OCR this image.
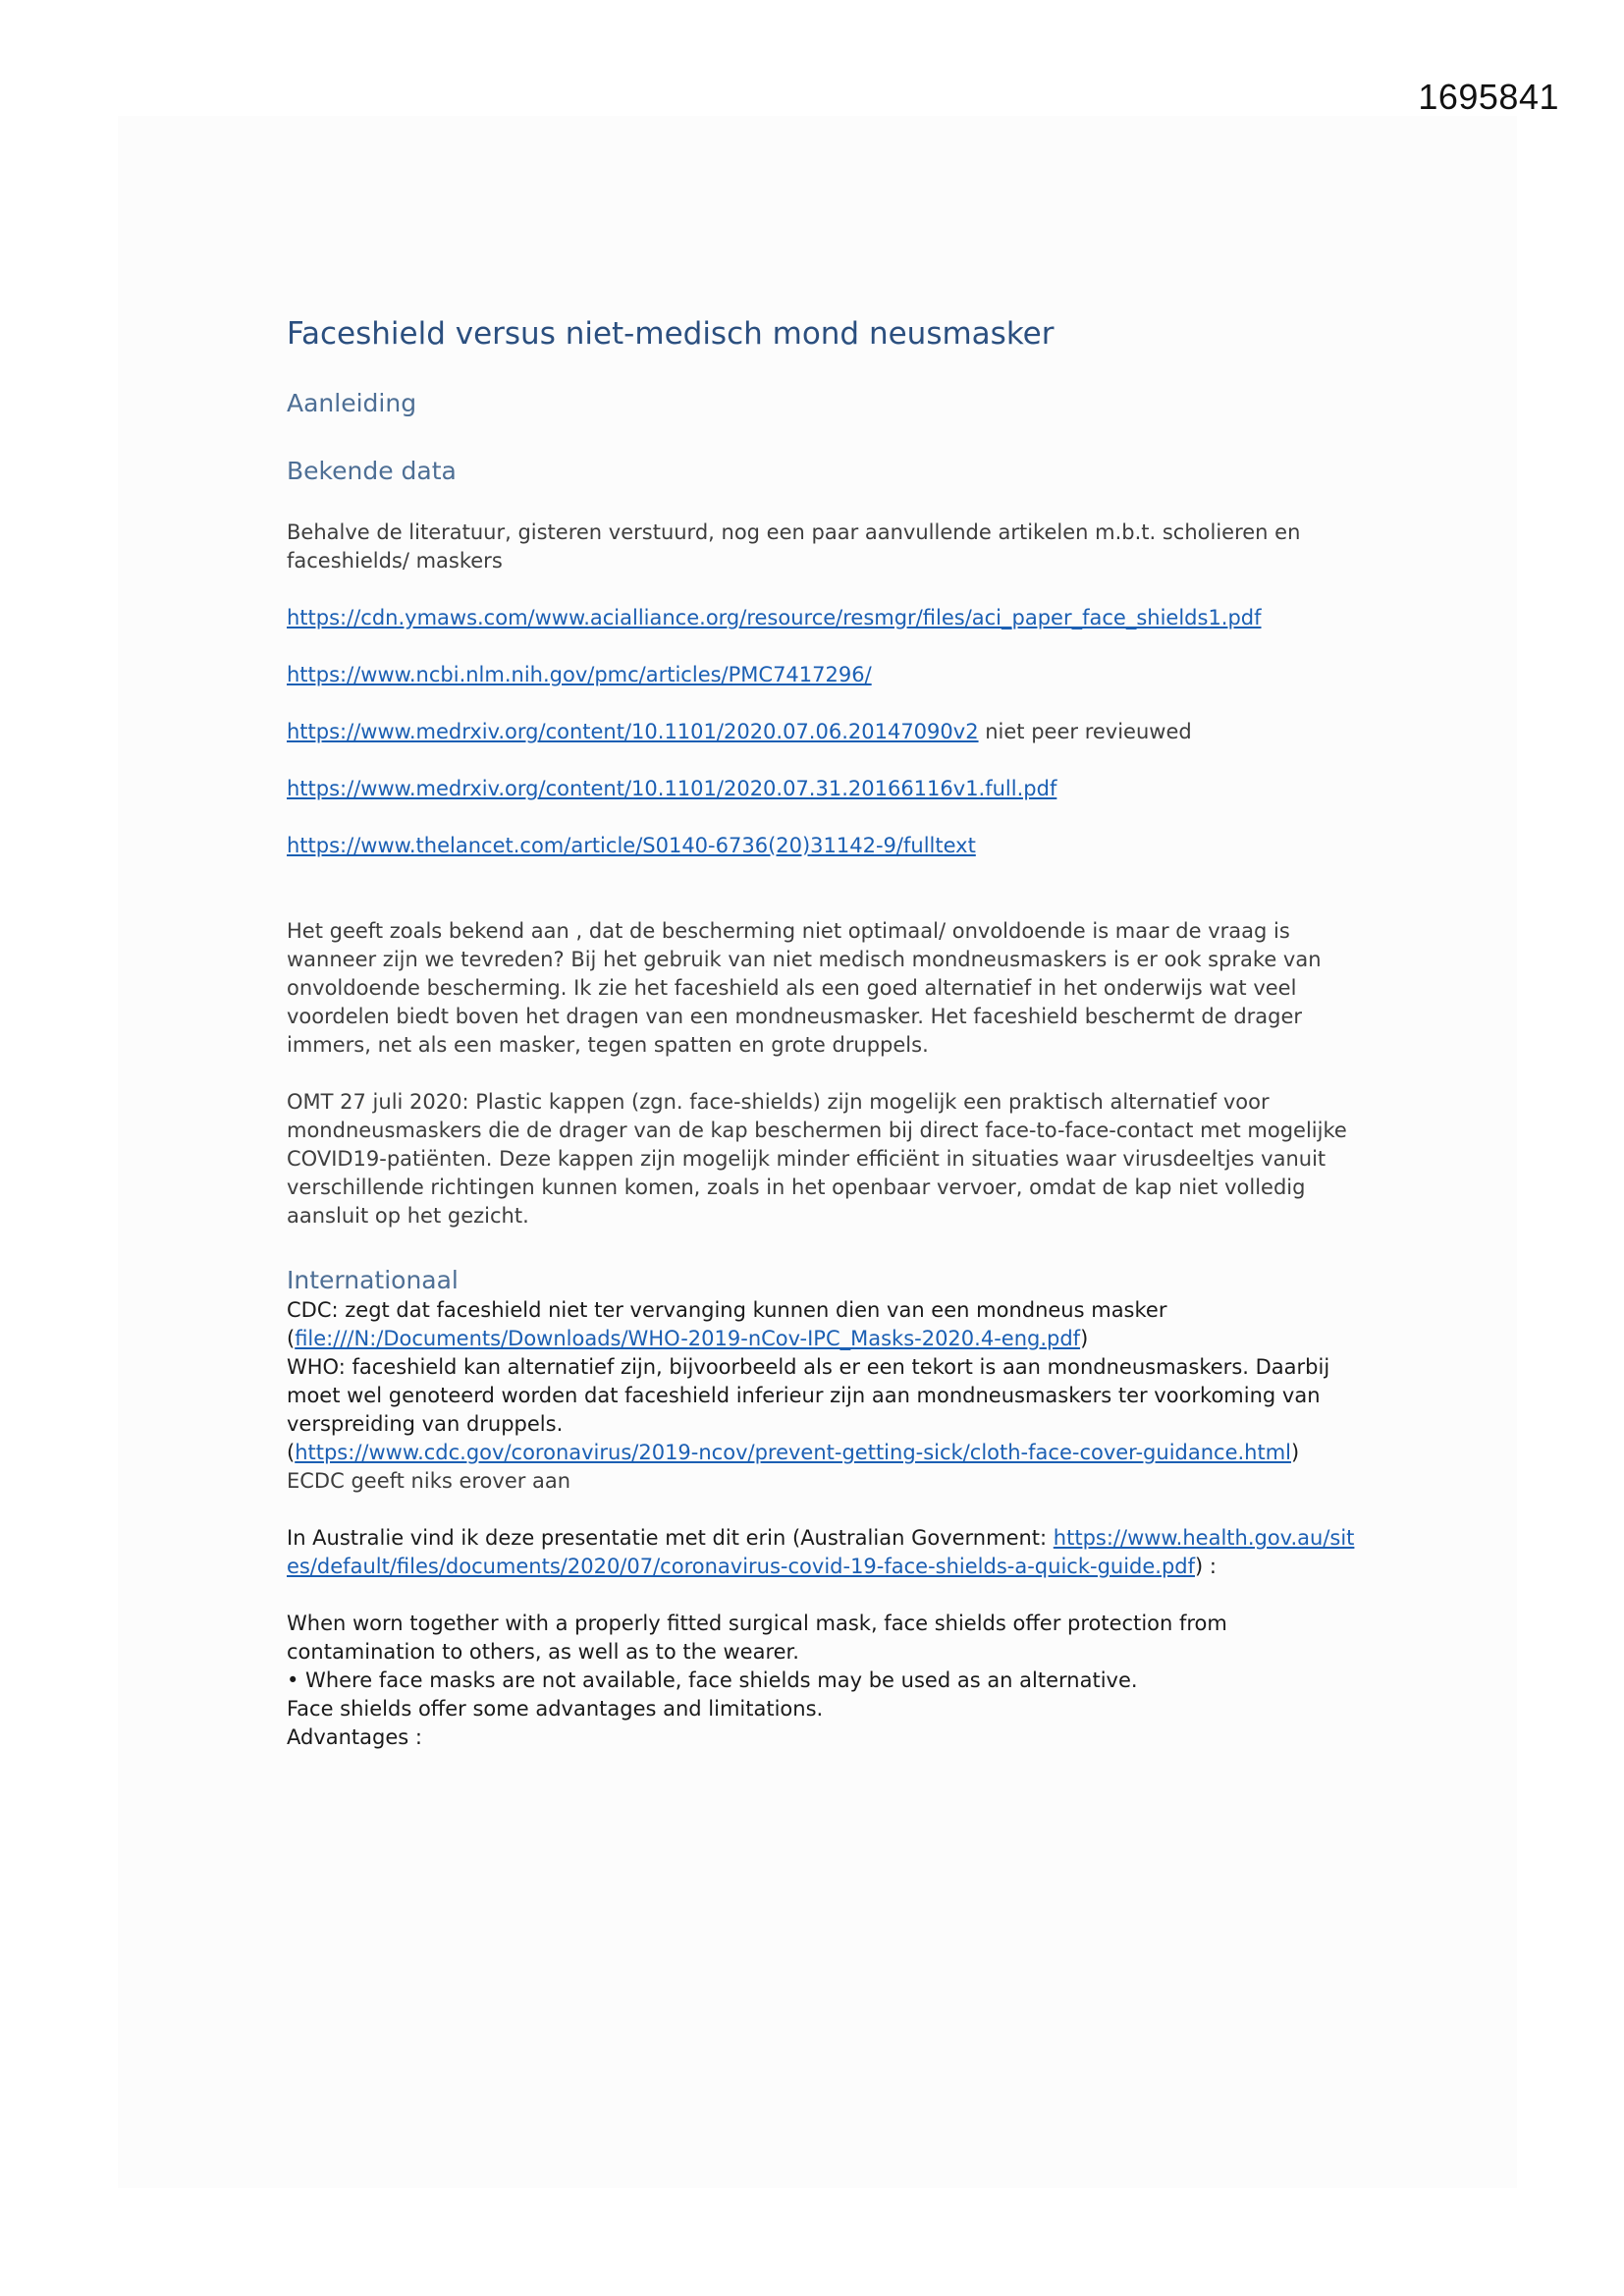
1695841
Faceshield versus niet-medisch mond neusmasker
Aanleiding
Bekende data

Behalve de literatuur, gisteren verstuurd, nog een paar aanvullende artikelen m.b.t. scholieren en faceshields/ maskers

https://cdn.ymaws.com/www.acialliance.org/resource/resmgr/files/aci_paper_face_shields1.pdf

https://www.ncbi.nlm.nih.gov/pmc/articles/PMC7417296/

https://www.medrxiv.org/content/10.1101/2020.07.06.20147090v2 niet peer revieuwed

https://www.medrxiv.org/content/10.1101/2020.07.31.20166116v1.full.pdf

https://www.thelancet.com/article/S0140-6736(20)31142-9/fulltext

Het geeft zoals bekend aan , dat de bescherming niet optimaal/ onvoldoende is maar de vraag is wanneer zijn we tevreden? Bij het gebruik van niet medisch mondneusmaskers is er ook sprake van onvoldoende bescherming. Ik zie het faceshield als een goed alternatief in het onderwijs wat veel voordelen biedt boven het dragen van een mondneusmasker. Het faceshield beschermt de drager immers, net als een masker, tegen spatten en grote druppels.

OMT 27 juli 2020: Plastic kappen (zgn. face-shields) zijn mogelijk een praktisch alternatief voor mondneusmaskers die de drager van de kap beschermen bij direct face-to-face-contact met mogelijke COVID19-patiënten. Deze kappen zijn mogelijk minder efficiënt in situaties waar virusdeeltjes vanuit verschillende richtingen kunnen komen, zoals in het openbaar vervoer, omdat de kap niet volledig aansluit op het gezicht.

Internationaal

CDC: zegt dat faceshield niet ter vervanging kunnen dien van een mondneus masker
(file:///N:/Documents/Downloads/WHO-2019-nCov-IPC_Masks-2020.4-eng.pdf)
WHO: faceshield kan alternatief zijn, bijvoorbeeld als er een tekort is aan mondneusmaskers. Daarbij moet wel genoteerd worden dat faceshield inferieur zijn aan mondneusmaskers ter voorkoming van verspreiding van druppels.
(https://www.cdc.gov/coronavirus/2019-ncov/prevent-getting-sick/cloth-face-cover-guidance.html)
ECDC geeft niks erover aan

In Australie vind ik deze presentatie met dit erin (Australian Government: https://www.health.gov.au/sites/default/files/documents/2020/07/coronavirus-covid-19-face-shields-a-quick-guide.pdf) :

When worn together with a properly fitted surgical mask, face shields offer protection from contamination to others, as well as to the wearer.
• Where face masks are not available, face shields may be used as an alternative.
Face shields offer some advantages and limitations.
Advantages :
